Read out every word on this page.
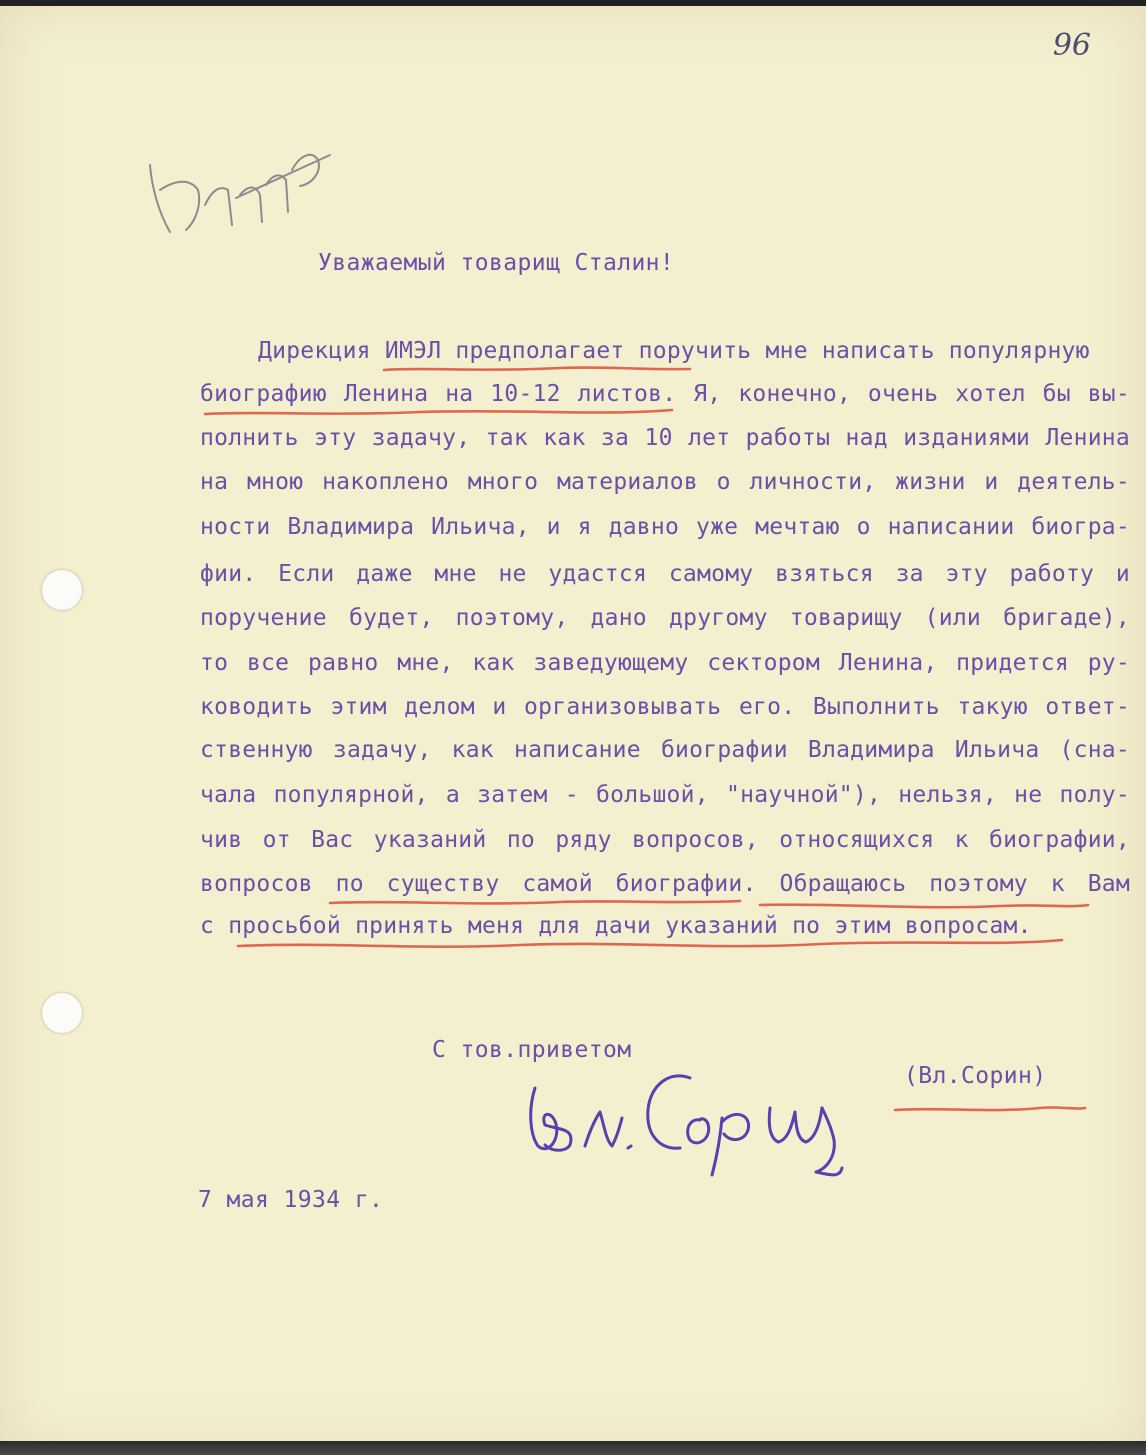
96
Уважаемый товарищ Сталин!
Дирекция ИМЭЛ предполагает поручить мне написать популярную
биографию Ленина на 10-12 листов. Я, конечно, очень хотел бы вы-
полнить эту задачу, так как за 10 лет работы над изданиями Ленина
на мною накоплено много материалов о личности, жизни и деятель-
ности Владимира Ильича, и я давно уже мечтаю о написании биогра-
фии. Если даже мне не удастся самому взяться за эту работу и
поручение будет, поэтому, дано другому товарищу (или бригаде),
то все равно мне, как заведующему сектором Ленина, придется ру-
ководить этим делом и организовывать его. Выполнить такую ответ-
ственную задачу, как написание биографии Владимира Ильича (сна-
чала популярной, а затем - большой, "научной"), нельзя, не полу-
чив от Вас указаний по ряду вопросов, относящихся к биографии,
вопросов по существу самой биографии. Обращаюсь поэтому к Вам
с просьбой принять меня для дачи указаний по этим вопросам.
С тов.приветом
(Вл.Сорин)
7 мая 1934 г.
